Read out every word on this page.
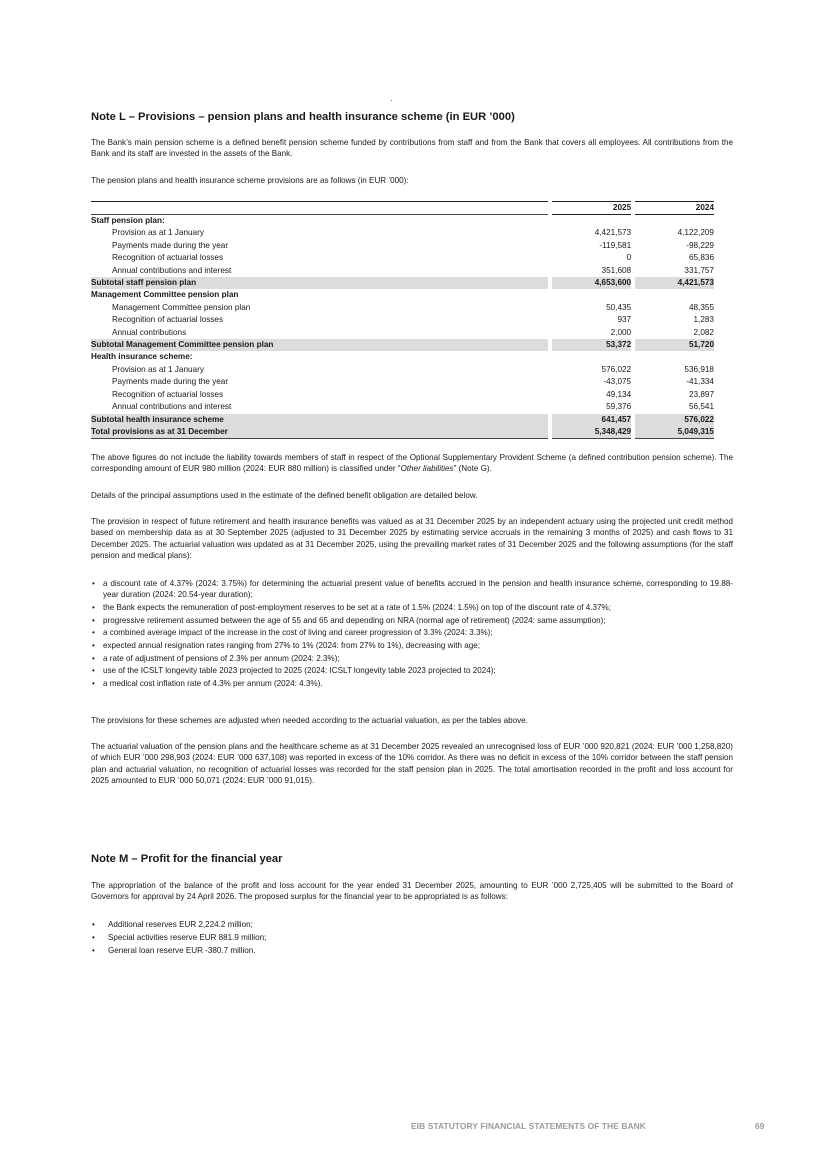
Note L – Provisions – pension plans and health insurance scheme (in EUR ’000)

The Bank’s main pension scheme is a defined benefit pension scheme funded by contributions from staff and from the Bank that covers all employees. All contributions from the Bank and its staff are invested in the assets of the Bank.

The pension plans and health insurance scheme provisions are as follows (in EUR ’000):

		2025		2024
Staff pension plan:				
Provision as at 1 January		4,421,573		4,122,209
Payments made during the year		-119,581		-98,229
Recognition of actuarial losses		0		65,836
Annual contributions and interest		351,608		331,757
Subtotal staff pension plan		4,653,600		4,421,573
Management Committee pension plan				
Management Committee pension plan		50,435		48,355
Recognition of actuarial losses		937		1,283
Annual contributions		2,000		2,082
Subtotal Management Committee pension plan		53,372		51,720
Health insurance scheme:				
Provision as at 1 January		576,022		536,918
Payments made during the year		-43,075		-41,334
Recognition of actuarial losses		49,134		23,897
Annual contributions and interest		59,376		56,541
Subtotal health insurance scheme		641,457		576,022
Total provisions as at 31 December		5,348,429		5,049,315

The above figures do not include the liability towards members of staff in respect of the Optional Supplementary Provident Scheme (a defined contribution pension scheme). The corresponding amount of EUR 980 million (2024: EUR 880 million) is classified under “Other liabilities” (Note G).

Details of the principal assumptions used in the estimate of the defined benefit obligation are detailed below.

The provision in respect of future retirement and health insurance benefits was valued as at 31 December 2025 by an independent actuary using the projected unit credit method based on membership data as at 30 September 2025 (adjusted to 31 December 2025 by estimating service accruals in the remaining 3 months of 2025) and cash flows to 31 December 2025. The actuarial valuation was updated as at 31 December 2025, using the prevailing market rates of 31 December 2025 and the following assumptions (for the staff pension and medical plans):

• a discount rate of 4.37% (2024: 3.75%) for determining the actuarial present value of benefits accrued in the pension and health insurance scheme, corresponding to 19.88-year duration (2024: 20.54-year duration);
• the Bank expects the remuneration of post-employment reserves to be set at a rate of 1.5% (2024: 1.5%) on top of the discount rate of 4.37%;
• progressive retirement assumed between the age of 55 and 65 and depending on NRA (normal age of retirement) (2024: same assumption);
• a combined average impact of the increase in the cost of living and career progression of 3.3% (2024: 3.3%);
• expected annual resignation rates ranging from 27% to 1% (2024: from 27% to 1%), decreasing with age;
• a rate of adjustment of pensions of 2.3% per annum (2024: 2.3%);
• use of the ICSLT longevity table 2023 projected to 2025 (2024: ICSLT longevity table 2023 projected to 2024);
• a medical cost inflation rate of 4.3% per annum (2024: 4.3%).

The provisions for these schemes are adjusted when needed according to the actuarial valuation, as per the tables above.

The actuarial valuation of the pension plans and the healthcare scheme as at 31 December 2025 revealed an unrecognised loss of EUR ’000 920,821 (2024: EUR ’000 1,258,820) of which EUR ’000 298,903 (2024: EUR ’000 637,108) was reported in excess of the 10% corridor. As there was no deficit in excess of the 10% corridor between the staff pension plan and actuarial valuation, no recognition of actuarial losses was recorded for the staff pension plan in 2025. The total amortisation recorded in the profit and loss account for 2025 amounted to EUR ’000 50,071 (2024: EUR ’000 91,015).

Note M – Profit for the financial year

The appropriation of the balance of the profit and loss account for the year ended 31 December 2025, amounting to EUR ’000 2,725,405 will be submitted to the Board of Governors for approval by 24 April 2026. The proposed surplus for the financial year to be appropriated is as follows:

• Additional reserves EUR 2,224.2 million;
• Special activities reserve EUR 881.9 million;
• General loan reserve EUR -380.7 million.
EIB STATUTORY FINANCIAL STATEMENTS OF THE BANK	69
